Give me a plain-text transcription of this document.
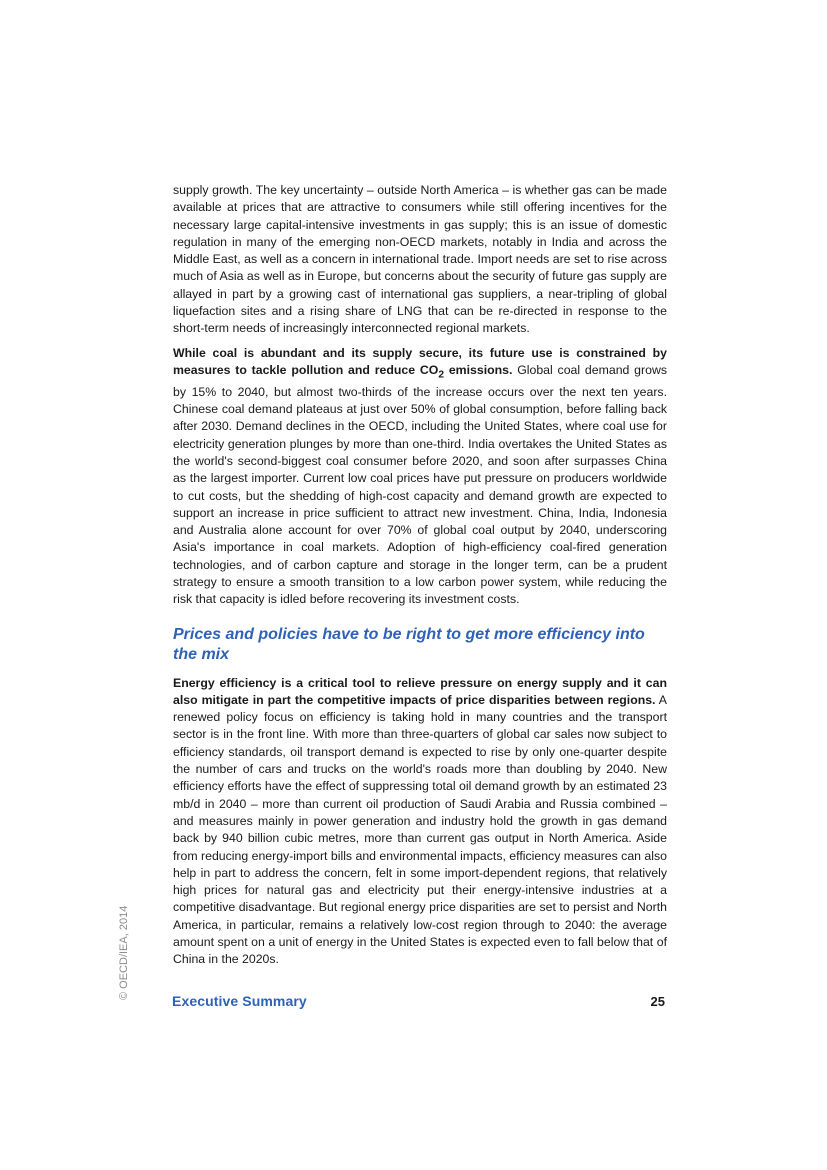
supply growth. The key uncertainty – outside North America – is whether gas can be made available at prices that are attractive to consumers while still offering incentives for the necessary large capital-intensive investments in gas supply; this is an issue of domestic regulation in many of the emerging non-OECD markets, notably in India and across the Middle East, as well as a concern in international trade. Import needs are set to rise across much of Asia as well as in Europe, but concerns about the security of future gas supply are allayed in part by a growing cast of international gas suppliers, a near-tripling of global liquefaction sites and a rising share of LNG that can be re-directed in response to the short-term needs of increasingly interconnected regional markets.

While coal is abundant and its supply secure, its future use is constrained by measures to tackle pollution and reduce $CO_2$ emissions. Global coal demand grows by 15% to 2040, but almost two-thirds of the increase occurs over the next ten years. Chinese coal demand plateaus at just over 50% of global consumption, before falling back after 2030. Demand declines in the OECD, including the United States, where coal use for electricity generation plunges by more than one-third. India overtakes the United States as the world's second-biggest coal consumer before 2020, and soon after surpasses China as the largest importer. Current low coal prices have put pressure on producers worldwide to cut costs, but the shedding of high-cost capacity and demand growth are expected to support an increase in price sufficient to attract new investment. China, India, Indonesia and Australia alone account for over 70% of global coal output by 2040, underscoring Asia's importance in coal markets. Adoption of high-efficiency coal-fired generation technologies, and of carbon capture and storage in the longer term, can be a prudent strategy to ensure a smooth transition to a low carbon power system, while reducing the risk that capacity is idled before recovering its investment costs.

Prices and policies have to be right to get more efficiency into the mix

Energy efficiency is a critical tool to relieve pressure on energy supply and it can also mitigate in part the competitive impacts of price disparities between regions. A renewed policy focus on efficiency is taking hold in many countries and the transport sector is in the front line. With more than three-quarters of global car sales now subject to efficiency standards, oil transport demand is expected to rise by only one-quarter despite the number of cars and trucks on the world's roads more than doubling by 2040. New efficiency efforts have the effect of suppressing total oil demand growth by an estimated 23 mb/d in 2040 – more than current oil production of Saudi Arabia and Russia combined – and measures mainly in power generation and industry hold the growth in gas demand back by 940 billion cubic metres, more than current gas output in North America. Aside from reducing energy-import bills and environmental impacts, efficiency measures can also help in part to address the concern, felt in some import-dependent regions, that relatively high prices for natural gas and electricity put their energy-intensive industries at a competitive disadvantage. But regional energy price disparities are set to persist and North America, in particular, remains a relatively low-cost region through to 2040: the average amount spent on a unit of energy in the United States is expected even to fall below that of China in the 2020s.

Executive Summary	25
© OECD/IEA, 2014
